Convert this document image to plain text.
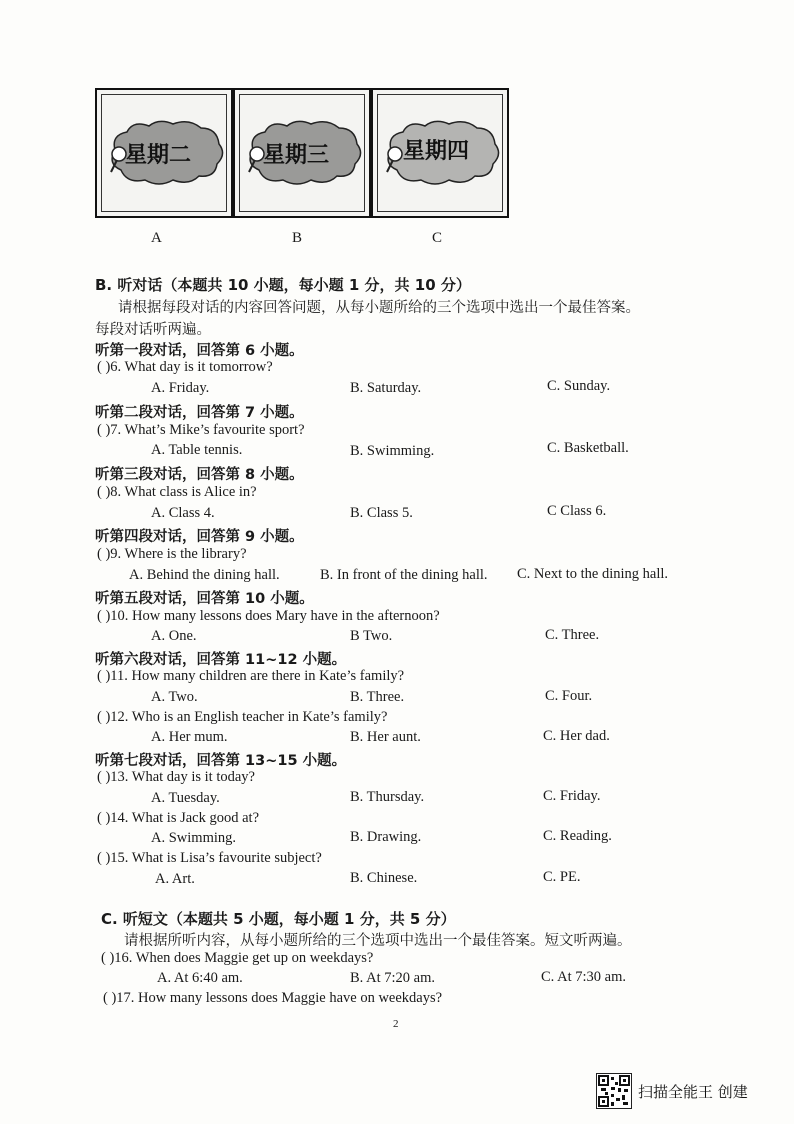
星期二	星期三	星期四
A	B	C
B. 听对话（本题共 10 小题，每小题 1 分，共 10 分）
请根据每段对话的内容回答问题，从每小题所给的三个选项中选出一个最佳答案。
每段对话听两遍。
听第一段对话，回答第 6 小题。
( )6. What day is it tomorrow?
A. Friday.	B. Saturday.	C. Sunday.
听第二段对话，回答第 7 小题。
( )7. What’s Mike’s favourite sport?
A. Table tennis.	B. Swimming.	C. Basketball.
听第三段对话，回答第 8 小题。
( )8. What class is Alice in?
A. Class 4.	B. Class 5.	C Class 6.
听第四段对话，回答第 9 小题。
( )9. Where is the library?
A. Behind the dining hall.	B. In front of the dining hall. C. Next to the dining hall.
听第五段对话，回答第 10 小题。
( )10. How many lessons does Mary have in the afternoon?
A. One.	B Two.	C. Three.
听第六段对话，回答第 11~12 小题。
( )11. How many children are there in Kate’s family?
A. Two.	B. Three.	C. Four.
( )12. Who is an English teacher in Kate’s family?
A. Her mum.	B. Her aunt.	C. Her dad.
听第七段对话，回答第 13~15 小题。
( )13. What day is it today?
A. Tuesday.	B. Thursday.	C. Friday.
( )14. What is Jack good at?
A. Swimming.	B. Drawing.	C. Reading.
( )15. What is Lisa’s favourite subject?
A. Art.	B. Chinese.	C. PE.
C. 听短文（本题共 5 小题，每小题 1 分，共 5 分）
请根据所听内容，从每小题所给的三个选项中选出一个最佳答案。短文听两遍。
( )16. When does Maggie get up on weekdays?
A. At 6:40 am.	B. At 7:20 am.	C. At 7:30 am.
( )17. How many lessons does Maggie have on weekdays?
2
扫描全能王 创建
